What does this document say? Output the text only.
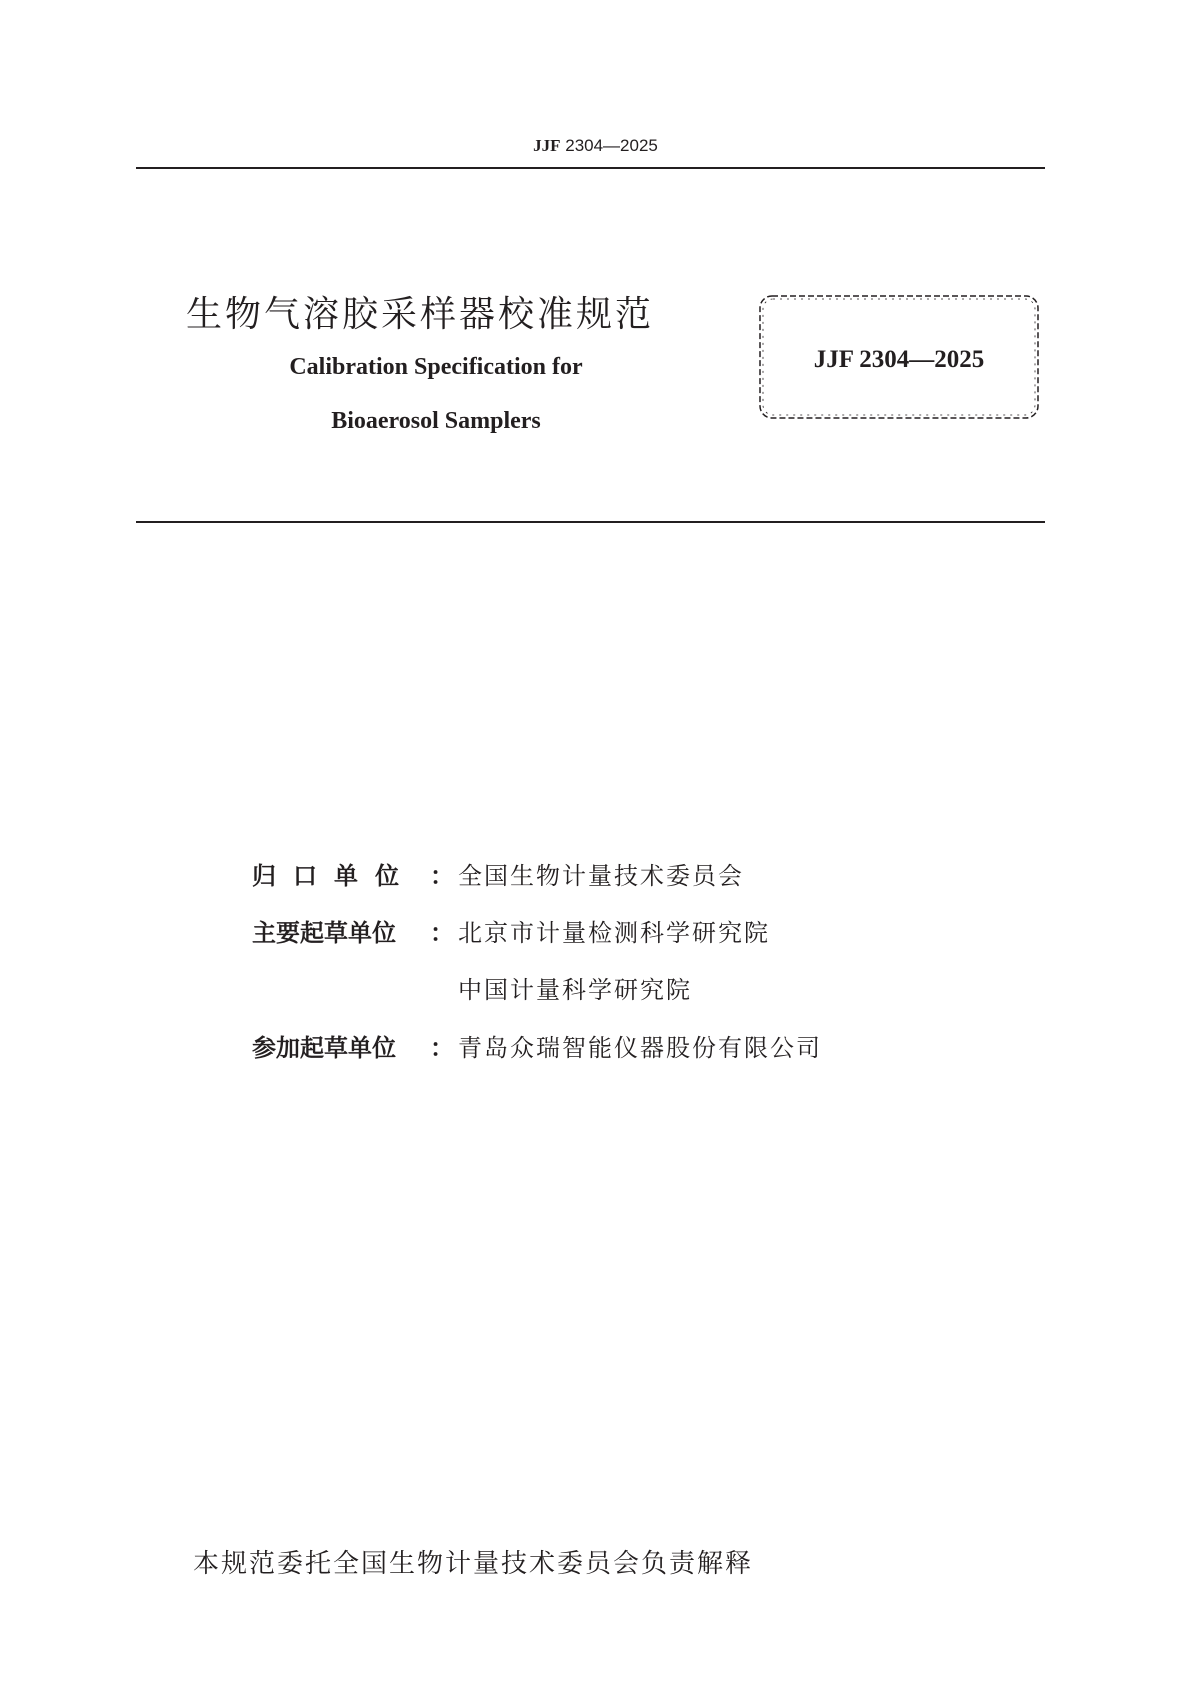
JJF 2304—2025
生物气溶胶采样器校准规范
Calibration Specification for
Bioaerosol Samplers
JJF 2304—2025
归口单位 ： 全国生物计量技术委员会
主要起草单位 ： 北京市计量检测科学研究院
中国计量科学研究院
参加起草单位 ： 青岛众瑞智能仪器股份有限公司
本规范委托全国生物计量技术委员会负责解释
